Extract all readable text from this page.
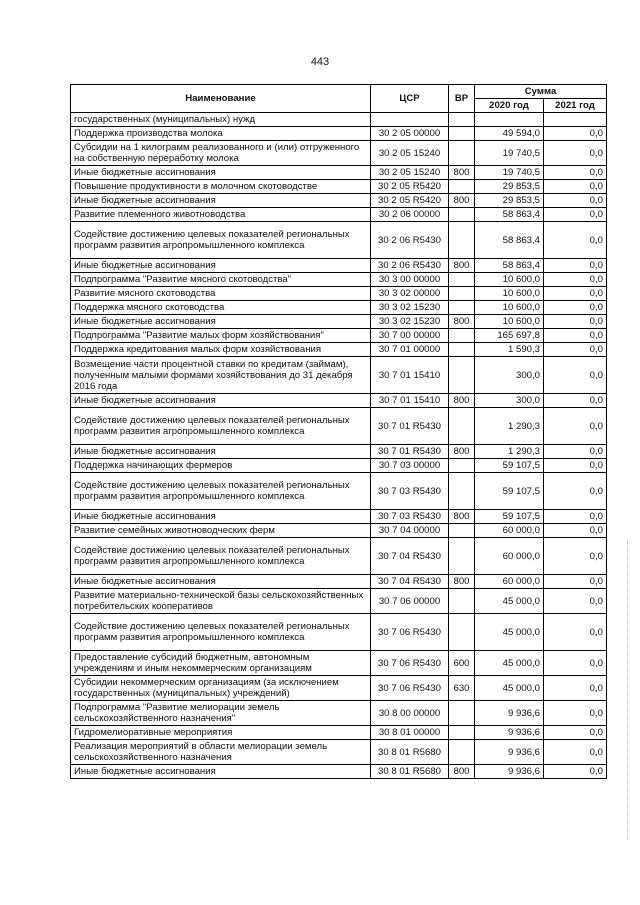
443
Наименование	ЦСР	ВР	Сумма	
			2020 год	2021 год
государственных (муниципальных) нужд				
Поддержка производства молока	30 2 05 00000		49 594,0	0,0
Субсидии на 1 килограмм реализованного и (или) отгруженного на собственную переработку молока	30 2 05 15240		19 740,5	0,0
Иные бюджетные ассигнования	30 2 05 15240	800	19 740,5	0,0
Повышение продуктивности в молочном скотоводстве	30 2 05 R5420		29 853,5	0,0
Иные бюджетные ассигнования	30 2 05 R5420	800	29 853,5	0,0
Развитие племенного животноводства	30 2 06 00000		58 863,4	0,0
Содействие достижению целевых показателей региональных программ развития агропромышленного комплекса	30 2 06 R5430		58 863,4	0,0
Иные бюджетные ассигнования	30 2 06 R5430	800	58 863,4	0,0
Подпрограмма "Развитие мясного скотоводства"	30 3 00 00000		10 600,0	0,0
Развитие мясного скотоводства	30 3 02 00000		10 600,0	0,0
Поддержка мясного скотоводства	30 3 02 15230		10 600,0	0,0
Иные бюджетные ассигнования	30 3 02 15230	800	10 600,0	0,0
Подпрограмма "Развитие малых форм хозяйствования"	30 7 00 00000		165 697,8	0,0
Поддержка кредитования малых форм хозяйствования	30 7 01 00000		1 590,3	0,0
Возмещение части процентной ставки по кредитам (займам), полученным малыми формами хозяйствования до 31 декабря 2016 года	30 7 01 15410		300,0	0,0
Иные бюджетные ассигнования	30 7 01 15410	800	300,0	0,0
Содействие достижению целевых показателей региональных программ развития агропромышленного комплекса	30 7 01 R5430		1 290,3	0,0
Иные бюджетные ассигнования	30 7 01 R5430	800	1 290,3	0,0
Поддержка начинающих фермеров	30 7 03 00000		59 107,5	0,0
Содействие достижению целевых показателей региональных программ развития агропромышленного комплекса	30 7 03 R5430		59 107,5	0,0
Иные бюджетные ассигнования	30 7 03 R5430	800	59 107,5	0,0
Развитие семейных животноводческих ферм	30 7 04 00000		60 000,0	0,0
Содействие достижению целевых показателей региональных программ развития агропромышленного комплекса	30 7 04 R5430		60 000,0	0,0
Иные бюджетные ассигнования	30 7 04 R5430	800	60 000,0	0,0
Развитие материально-технической базы сельскохозяйственных потребительских кооперативов	30 7 06 00000		45 000,0	0,0
Содействие достижению целевых показателей региональных программ развития агропромышленного комплекса	30 7 06 R5430		45 000,0	0,0
Предоставление субсидий бюджетным, автономным учреждениям и иным некоммерческим организациям	30 7 06 R5430	600	45 000,0	0,0
Субсидии некоммерческим организациям (за исключением государственных (муниципальных) учреждений)	30 7 06 R5430	630	45 000,0	0,0
Подпрограмма "Развитие мелиорации земель сельскохозяйственного назначения"	30 8 00 00000		9 936,6	0,0
Гидромелиоративные мероприятия	30 8 01 00000		9 936,6	0,0
Реализация мероприятий в области мелиорации земель сельскохозяйственного назначения	30 8 01 R5680		9 936,6	0,0
Иные бюджетные ассигнования	30 8 01 R5680	800	9 936,6	0,0
